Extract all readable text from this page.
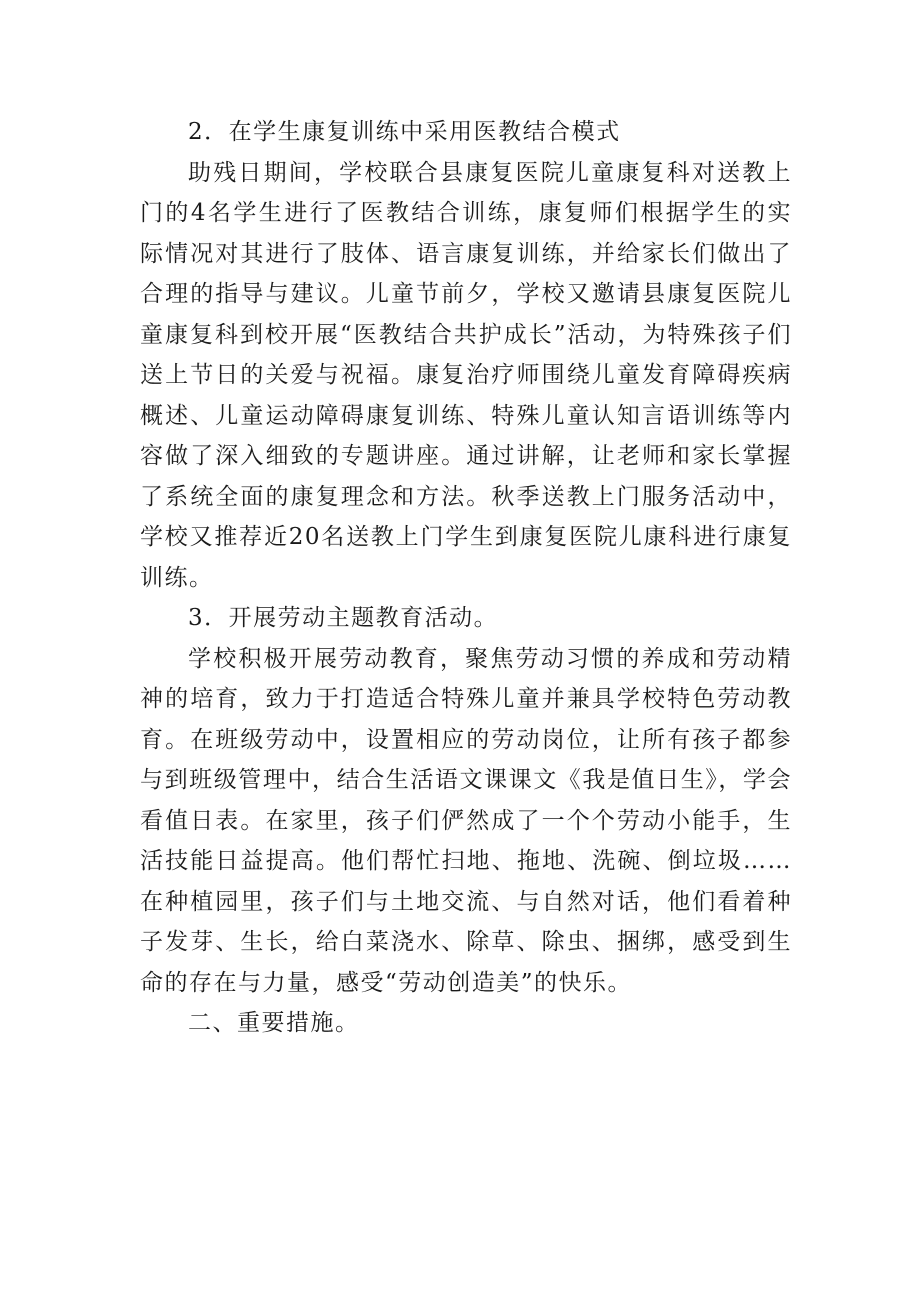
2．在学生康复训练中采用医教结合模式

助残日期间，学校联合县康复医院儿童康复科对送教上门的4名学生进行了医教结合训练，康复师们根据学生的实际情况对其进行了肢体、语言康复训练，并给家长们做出了合理的指导与建议。儿童节前夕，学校又邀请县康复医院儿童康复科到校开展“医教结合共护成长”活动，为特殊孩子们送上节日的关爱与祝福。康复治疗师围绕儿童发育障碍疾病概述、儿童运动障碍康复训练、特殊儿童认知言语训练等内容做了深入细致的专题讲座。通过讲解，让老师和家长掌握了系统全面的康复理念和方法。秋季送教上门服务活动中，学校又推荐近20名送教上门学生到康复医院儿康科进行康复训练。

3．开展劳动主题教育活动。

学校积极开展劳动教育，聚焦劳动习惯的养成和劳动精神的培育，致力于打造适合特殊儿童并兼具学校特色劳动教育。在班级劳动中，设置相应的劳动岗位，让所有孩子都参与到班级管理中，结合生活语文课课文《我是值日生》，学会看值日表。在家里，孩子们俨然成了一个个劳动小能手，生活技能日益提高。他们帮忙扫地、拖地、洗碗、倒垃圾……在种植园里，孩子们与土地交流、与自然对话，他们看着种子发芽、生长，给白菜浇水、除草、除虫、捆绑，感受到生命的存在与力量，感受“劳动创造美”的快乐。

二、重要措施。
